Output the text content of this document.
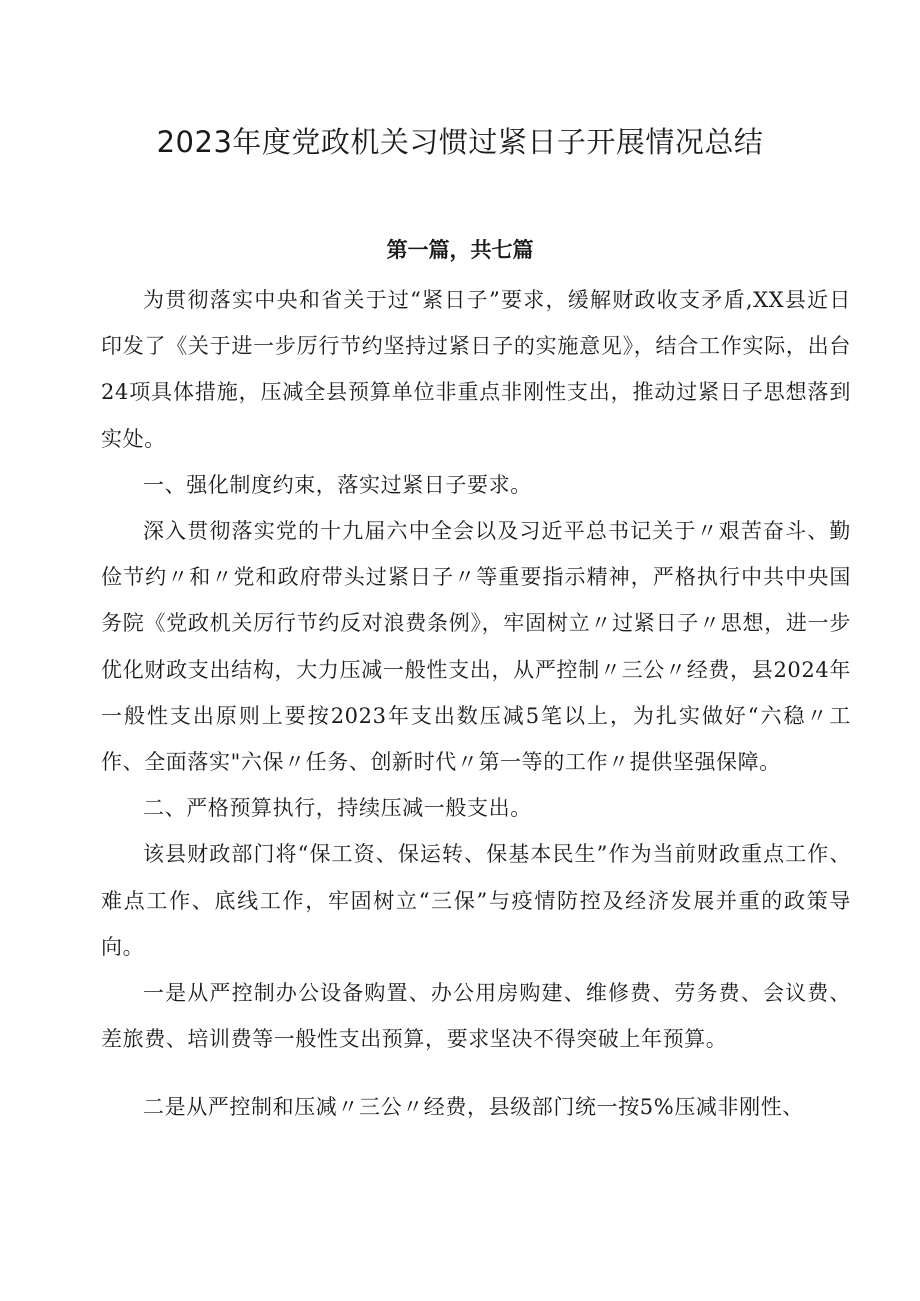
2023年度党政机关习惯过紧日子开展情况总结
第一篇，共七篇

为贯彻落实中央和省关于过“紧日子”要求，缓解财政收支矛盾,XX县近日印发了《关于进一步厉行节约坚持过紧日子的实施意见》，结合工作实际，出台24项具体措施，压减全县预算单位非重点非刚性支出，推动过紧日子思想落到实处。

一、强化制度约束，落实过紧日子要求。

深入贯彻落实党的十九届六中全会以及习近平总书记关于〃艰苦奋斗、勤俭节约〃和〃党和政府带头过紧日子〃等重要指示精神，严格执行中共中央国务院《党政机关厉行节约反对浪费条例》，牢固树立〃过紧日子〃思想，进一步优化财政支出结构，大力压减一般性支出，从严控制〃三公〃经费，县2024年一般性支出原则上要按2023年支出数压减5笔以上，为扎实做好“六稳〃工作、全面落实"六保〃任务、创新时代〃第一等的工作〃提供坚强保障。

二、严格预算执行，持续压减一般支出。

该县财政部门将“保工资、保运转、保基本民生”作为当前财政重点工作、难点工作、底线工作，牢固树立“三保”与疫情防控及经济发展并重的政策导向。

一是从严控制办公设备购置、办公用房购建、维修费、劳务费、会议费、差旅费、培训费等一般性支出预算，要求坚决不得突破上年预算。

二是从严控制和压减〃三公〃经费，县级部门统一按5%压减非刚性、
